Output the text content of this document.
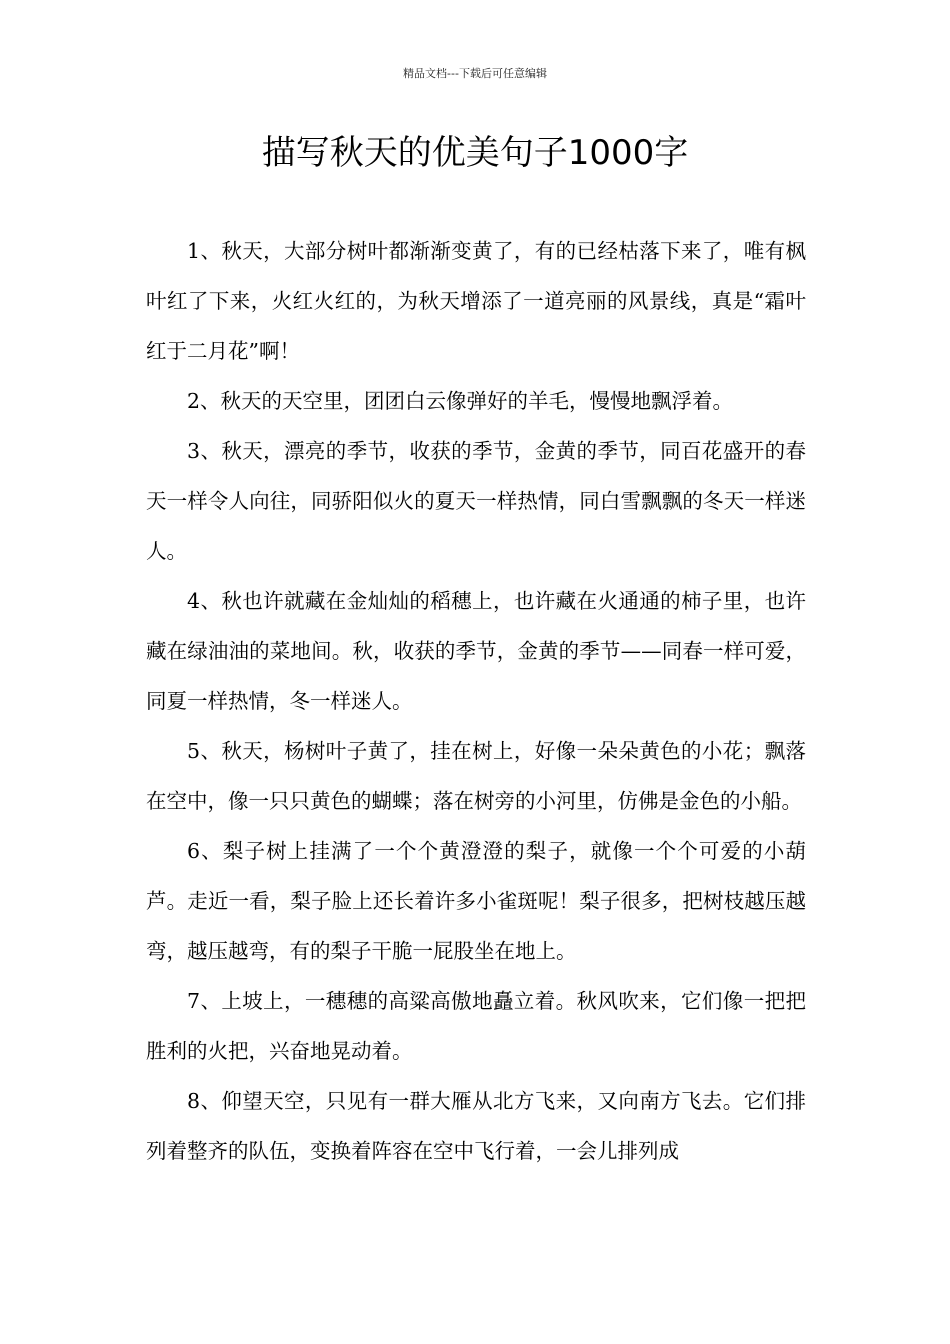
精品文档---下载后可任意编辑
描写秋天的优美句子1000字

1、秋天，大部分树叶都渐渐变黄了，有的已经枯落下来了，唯有枫叶红了下来，火红火红的，为秋天增添了一道亮丽的风景线，真是“霜叶红于二月花”啊！

2、秋天的天空里，团团白云像弹好的羊毛，慢慢地飘浮着。

3、秋天，漂亮的季节，收获的季节，金黄的季节，同百花盛开的春天一样令人向往，同骄阳似火的夏天一样热情，同白雪飘飘的冬天一样迷人。

4、秋也许就藏在金灿灿的稻穗上，也许藏在火通通的柿子里，也许藏在绿油油的菜地间。秋，收获的季节，金黄的季节——同春一样可爱，同夏一样热情，冬一样迷人。

5、秋天，杨树叶子黄了，挂在树上，好像一朵朵黄色的小花；飘落在空中，像一只只黄色的蝴蝶；落在树旁的小河里，仿佛是金色的小船。

6、梨子树上挂满了一个个黄澄澄的梨子，就像一个个可爱的小葫芦。走近一看，梨子脸上还长着许多小雀斑呢！梨子很多，把树枝越压越弯，越压越弯，有的梨子干脆一屁股坐在地上。

7、上坡上，一穗穗的高粱高傲地矗立着。秋风吹来，它们像一把把胜利的火把，兴奋地晃动着。

8、仰望天空，只见有一群大雁从北方飞来，又向南方飞去。它们排列着整齐的队伍，变换着阵容在空中飞行着，一会儿排列成
